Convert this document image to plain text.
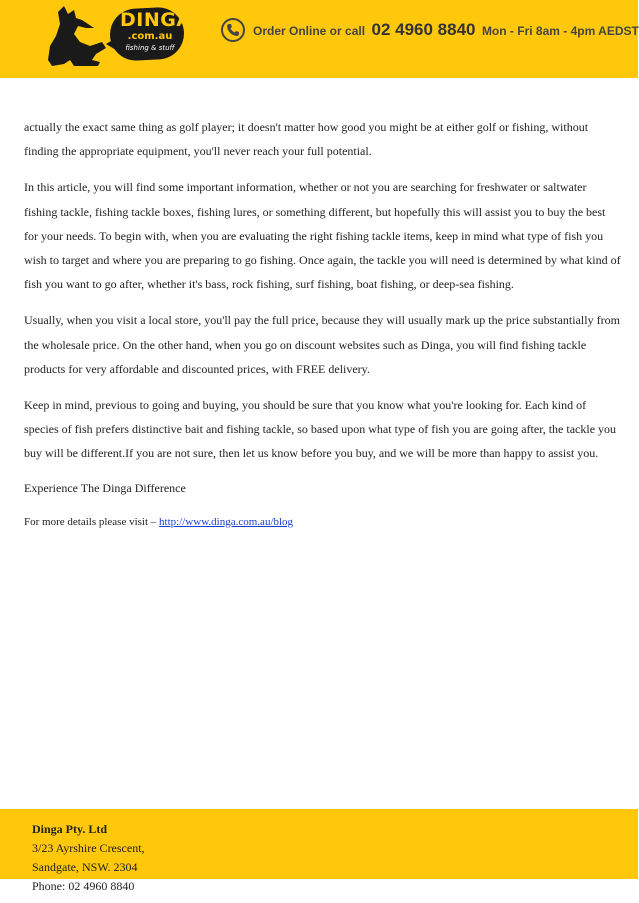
DINGA
.com.au
fishing & stuff
Order Online or call 02 4960 8840 Mon - Fri 8am - 4pm AEDST

actually the exact same thing as golf player; it doesn't matter how good you might be at either golf or fishing, without finding the appropriate equipment, you'll never reach your full potential.

In this article, you will find some important information, whether or not you are searching for freshwater or saltwater fishing tackle, fishing tackle boxes, fishing lures, or something different, but hopefully this will assist you to buy the best for your needs. To begin with, when you are evaluating the right fishing tackle items, keep in mind what type of fish you wish to target and where you are preparing to go fishing. Once again, the tackle you will need is determined by what kind of fish you want to go after, whether it's bass, rock fishing, surf fishing, boat fishing, or deep-sea fishing.

Usually, when you visit a local store, you'll pay the full price, because they will usually mark up the price substantially from the wholesale price. On the other hand, when you go on discount websites such as Dinga, you will find fishing tackle products for very affordable and discounted prices, with FREE delivery.

Keep in mind, previous to going and buying, you should be sure that you know what you're looking for. Each kind of species of fish prefers distinctive bait and fishing tackle, so based upon what type of fish you are going after, the tackle you buy will be different.If you are not sure, then let us know before you buy, and we will be more than happy to assist you.

Experience The Dinga Difference

For more details please visit – http://www.dinga.com.au/blog

Dinga Pty. Ltd
3/23 Ayrshire Crescent,
Sandgate, NSW. 2304
Phone: 02 4960 8840
